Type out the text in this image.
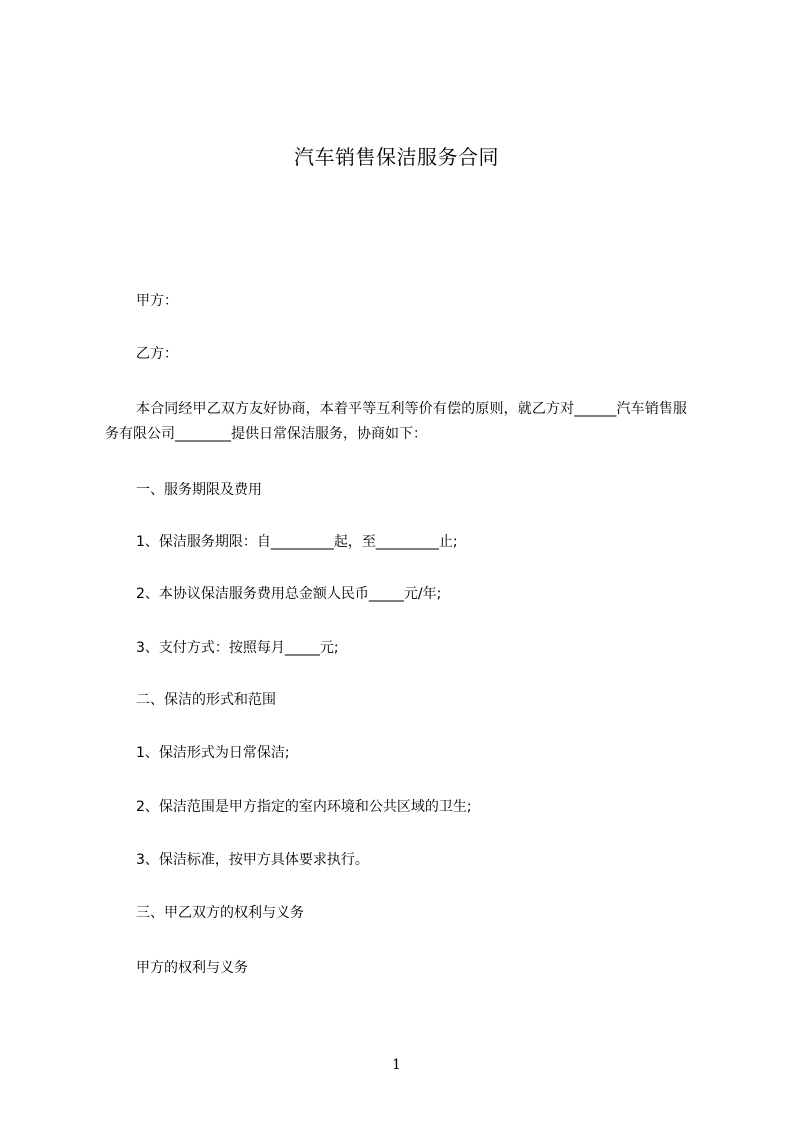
汽车销售保洁服务合同
甲方：
乙方：
本合同经甲乙双方友好协商，本着平等互利等价有偿的原则，就乙方对______汽车销售服务有限公司________提供日常保洁服务，协商如下：
一、服务期限及费用
1、保洁服务期限：自_________起，至_________止;
2、本协议保洁服务费用总金额人民币_____元/年;
3、支付方式：按照每月_____元;
二、保洁的形式和范围
1、保洁形式为日常保洁;
2、保洁范围是甲方指定的室内环境和公共区域的卫生;
3、保洁标准，按甲方具体要求执行。
三、甲乙双方的权利与义务
甲方的权利与义务
1
